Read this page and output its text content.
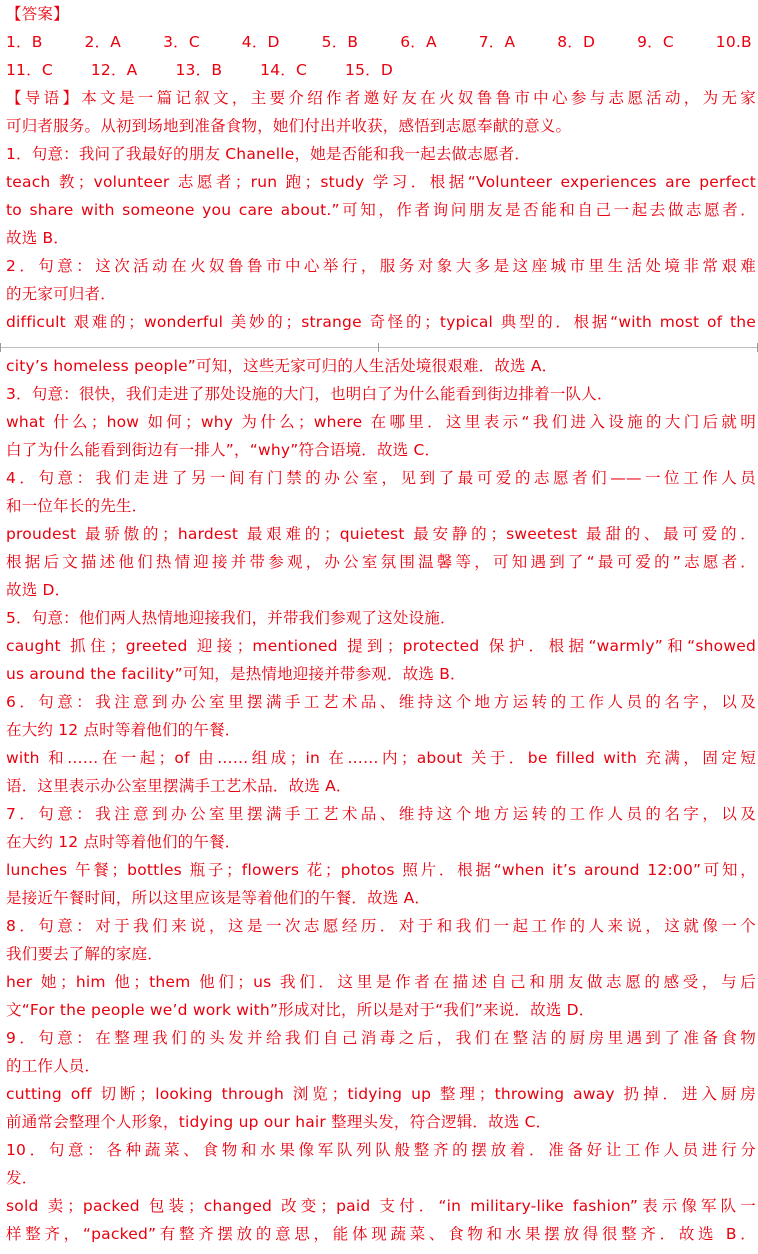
【答案】
1．B	2．A	3．C	4．D	5．B	6．A	7．A	8．D	9．C	10.B
11．C 12．A 13．B 14．C 15．D
【导语】本文是一篇记叙文，主要介绍作者邀好友在火奴鲁鲁市中心参与志愿活动，为无家
可归者服务。从初到场地到准备食物，她们付出并收获，感悟到志愿奉献的意义。
1．句意：我问了我最好的朋友 Chanelle，她是否能和我一起去做志愿者．
teach 教；volunteer 志愿者；run 跑；study 学习．根据“Volunteer experiences are perfect
to share with someone you care about.”可知，作者询问朋友是否能和自己一起去做志愿者．
故选 B．
2．句意：这次活动在火奴鲁鲁市中心举行，服务对象大多是这座城市里生活处境非常艰难
的无家可归者．
difficult 艰难的；wonderful 美妙的；strange 奇怪的；typical 典型的．根据“with most of the
city’s homeless people”可知，这些无家可归的人生活处境很艰难．故选 A．
3．句意：很快，我们走进了那处设施的大门，也明白了为什么能看到街边排着一队人．
what 什么；how 如何；why 为什么；where 在哪里．这里表示“我们进入设施的大门后就明
白了为什么能看到街边有一排人”，“why”符合语境．故选 C．
4．句意：我们走进了另一间有门禁的办公室，见到了最可爱的志愿者们——一位工作人员
和一位年长的先生．
proudest 最骄傲的；hardest 最艰难的；quietest 最安静的；sweetest 最甜的、最可爱的．
根据后文描述他们热情迎接并带参观，办公室氛围温馨等，可知遇到了“最可爱的”志愿者．
故选 D．
5．句意：他们两人热情地迎接我们，并带我们参观了这处设施．
caught 抓住；greeted 迎接；mentioned 提到；protected 保护．根据“warmly”和“showed
us around the facility”可知，是热情地迎接并带参观．故选 B．
6．句意：我注意到办公室里摆满手工艺术品、维持这个地方运转的工作人员的名字，以及
在大约 12 点时等着他们的午餐．
with 和……在一起；of 由……组成；in 在……内；about 关于．be filled with 充满，固定短
语．这里表示办公室里摆满手工艺术品．故选 A．
7．句意：我注意到办公室里摆满手工艺术品、维持这个地方运转的工作人员的名字，以及
在大约 12 点时等着他们的午餐．
lunches 午餐；bottles 瓶子；flowers 花；photos 照片．根据“when it’s around 12:00”可知，
是接近午餐时间，所以这里应该是等着他们的午餐．故选 A．
8．句意：对于我们来说，这是一次志愿经历．对于和我们一起工作的人来说，这就像一个
我们要去了解的家庭．
her 她；him 他；them 他们；us 我们．这里是作者在描述自己和朋友做志愿的感受，与后
文“For the people we’d work with”形成对比，所以是对于“我们”来说．故选 D．
9．句意：在整理我们的头发并给我们自己消毒之后，我们在整洁的厨房里遇到了准备食物
的工作人员．
cutting off 切断；looking through 浏览；tidying up 整理；throwing away 扔掉．进入厨房
前通常会整理个人形象，tidying up our hair 整理头发，符合逻辑．故选 C．
10．句意：各种蔬菜、食物和水果像军队列队般整齐的摆放着．准备好让工作人员进行分
发．
sold 卖；packed 包装；changed 改变；paid 支付．“in military-like fashion”表示像军队一
样整齐，“packed”有整齐摆放的意思，能体现蔬菜、食物和水果摆放得很整齐．故选 B．
